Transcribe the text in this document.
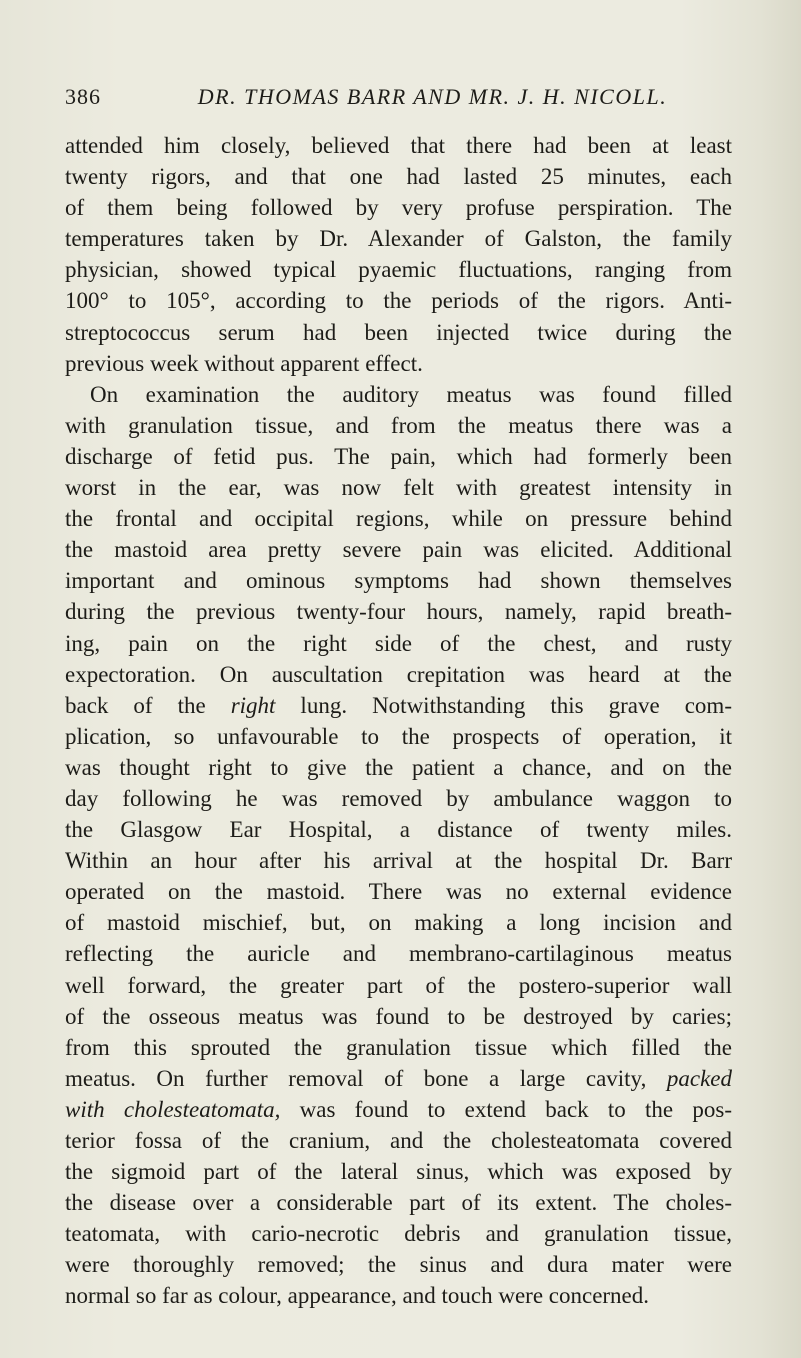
386	DR. THOMAS BARR AND MR. J. H. NICOLL.
attended him closely, believed that there had been at least
twenty rigors, and that one had lasted 25 minutes, each
of them being followed by very profuse perspiration. The
temperatures taken by Dr. Alexander of Galston, the family
physician, showed typical pyaemic fluctuations, ranging from
100° to 105°, according to the periods of the rigors. Anti-
streptococcus serum had been injected twice during the
previous week without apparent effect.
On examination the auditory meatus was found filled
with granulation tissue, and from the meatus there was a
discharge of fetid pus. The pain, which had formerly been
worst in the ear, was now felt with greatest intensity in
the frontal and occipital regions, while on pressure behind
the mastoid area pretty severe pain was elicited. Additional
important and ominous symptoms had shown themselves
during the previous twenty-four hours, namely, rapid breath-
ing, pain on the right side of the chest, and rusty
expectoration. On auscultation crepitation was heard at the
back of the right lung. Notwithstanding this grave com-
plication, so unfavourable to the prospects of operation, it
was thought right to give the patient a chance, and on the
day following he was removed by ambulance waggon to
the Glasgow Ear Hospital, a distance of twenty miles.
Within an hour after his arrival at the hospital Dr. Barr
operated on the mastoid. There was no external evidence
of mastoid mischief, but, on making a long incision and
reflecting the auricle and membrano-cartilaginous meatus
well forward, the greater part of the postero-superior wall
of the osseous meatus was found to be destroyed by caries;
from this sprouted the granulation tissue which filled the
meatus. On further removal of bone a large cavity, packed
with cholesteatomata, was found to extend back to the pos-
terior fossa of the cranium, and the cholesteatomata covered
the sigmoid part of the lateral sinus, which was exposed by
the disease over a considerable part of its extent. The choles-
teatomata, with cario-necrotic debris and granulation tissue,
were thoroughly removed; the sinus and dura mater were
normal so far as colour, appearance, and touch were concerned.
